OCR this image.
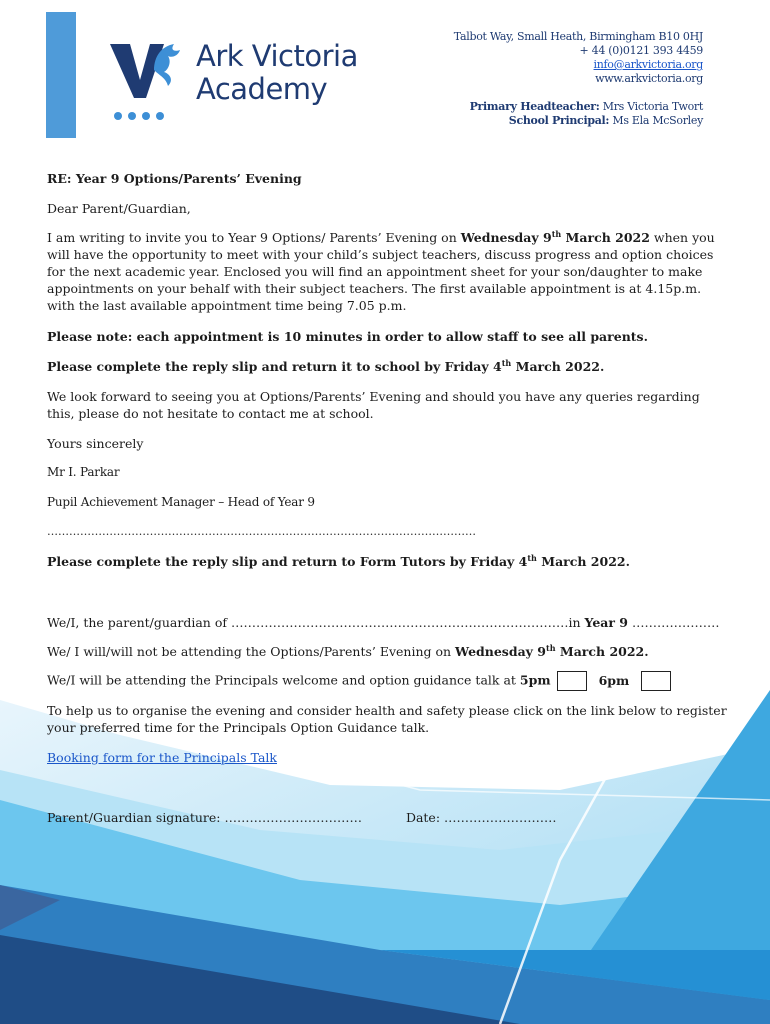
Ark Victoria
Academy
Talbot Way, Small Heath, Birmingham B10 0HJ
+ 44 (0)0121 393 4459
info@arkvictoria.org
www.arkvictoria.org
Primary Headteacher: Mrs Victoria Twort
School Principal: Ms Ela McSorley
RE: Year 9 Options/Parents’ Evening
Dear Parent/Guardian,
I am writing to invite you to Year 9 Options/ Parents’ Evening on Wednesday 9th March 2022 when you will have the opportunity to meet with your child’s subject teachers, discuss progress and option choices for the next academic year. Enclosed you will find an appointment sheet for your son/daughter to make appointments on your behalf with their subject teachers. The first available appointment is at 4.15p.m. with the last available appointment time being 7.05 p.m.
Please note: each appointment is 10 minutes in order to allow staff to see all parents.
Please complete the reply slip and return it to school by Friday 4th March 2022.
We look forward to seeing you at Options/Parents’ Evening and should you have any queries regarding this, please do not hesitate to contact me at school.
Yours sincerely
Mr I. Parkar
Pupil Achievement Manager – Head of Year 9
………………………………………………………………………………………………………
Please complete the reply slip and return to Form Tutors by Friday 4th March 2022.
We/I, the parent/guardian of ………………………………………………………………………in Year 9 …………………
We/ I will/will not be attending the Options/Parents’ Evening on Wednesday 9th March 2022.
We/I will be attending the Principals welcome and option guidance talk at 5pm	6pm
To help us to organise the evening and consider health and safety please click on the link below to register your preferred time for the Principals Option Guidance talk.
Booking form for the Principals Talk
Parent/Guardian signature: ……………………………	Date: ………………………
